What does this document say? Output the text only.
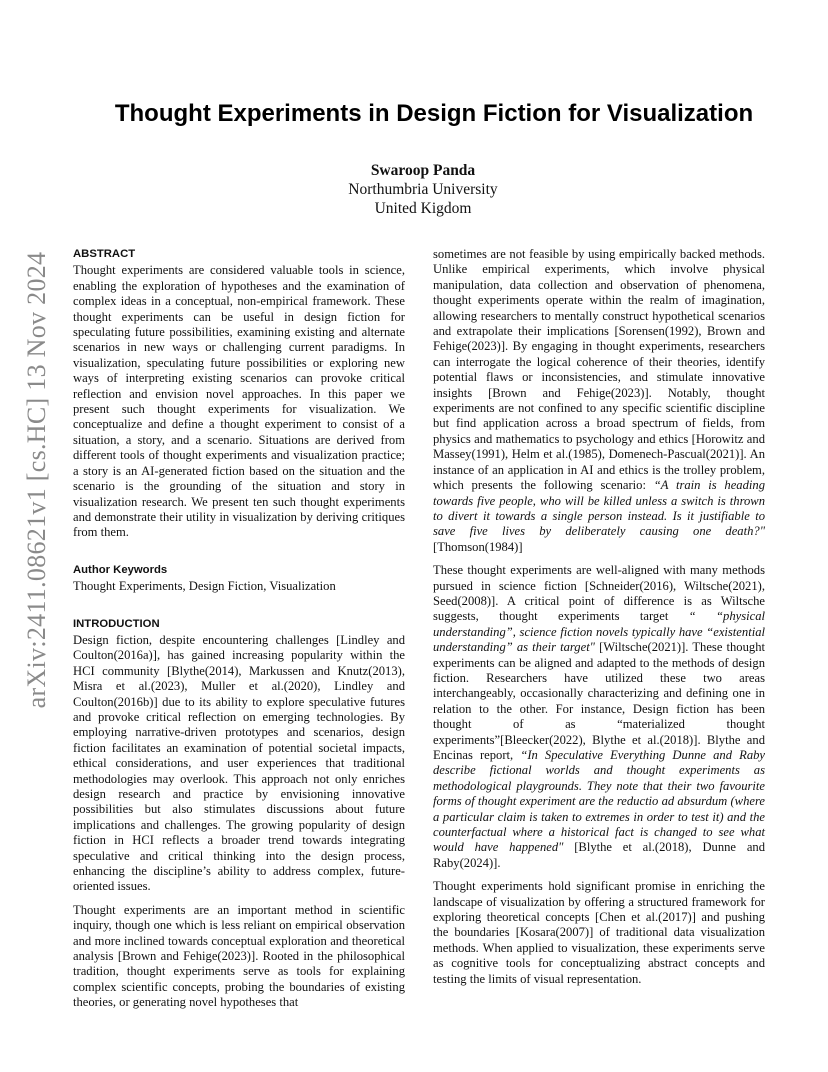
arXiv:2411.08621v1 [cs.HC] 13 Nov 2024
Thought Experiments in Design Fiction for Visualization
Swaroop Panda
Northumbria University
United Kigdom
ABSTRACT

Thought experiments are considered valuable tools in science, enabling the exploration of hypotheses and the examination of complex ideas in a conceptual, non-empirical framework. These thought experiments can be useful in design fiction for speculating future possibilities, examining existing and alternate scenarios in new ways or challenging current paradigms. In visualization, speculating future possibilities or exploring new ways of interpreting existing scenarios can provoke critical reflection and envision novel approaches. In this paper we present such thought experiments for visualization. We conceptualize and define a thought experiment to consist of a situation, a story, and a scenario. Situations are derived from different tools of thought experiments and visualization practice; a story is an AI-generated fiction based on the situation and the scenario is the grounding of the situation and story in visualization research. We present ten such thought experiments and demonstrate their utility in visualization by deriving critiques from them.

Author Keywords

Thought Experiments, Design Fiction, Visualization

INTRODUCTION

Design fiction, despite encountering challenges [Lindley and Coulton(2016a)], has gained increasing popularity within the HCI community [Blythe(2014), Markussen and Knutz(2013), Misra et al.(2023), Muller et al.(2020), Lindley and Coulton(2016b)] due to its ability to explore speculative futures and provoke critical reflection on emerging technologies. By employing narrative-driven prototypes and scenarios, design fiction facilitates an examination of potential societal impacts, ethical considerations, and user experiences that traditional methodologies may overlook. This approach not only enriches design research and practice by envisioning innovative possibilities but also stimulates discussions about future implications and challenges. The growing popularity of design fiction in HCI reflects a broader trend towards integrating speculative and critical thinking into the design process, enhancing the discipline’s ability to address complex, future-oriented issues.

Thought experiments are an important method in scientific inquiry, though one which is less reliant on empirical observation and more inclined towards conceptual exploration and theoretical analysis [Brown and Fehige(2023)]. Rooted in the philosophical tradition, thought experiments serve as tools for explaining complex scientific concepts, probing the boundaries of existing theories, or generating novel hypotheses that

sometimes are not feasible by using empirically backed methods. Unlike empirical experiments, which involve physical manipulation, data collection and observation of phenomena, thought experiments operate within the realm of imagination, allowing researchers to mentally construct hypothetical scenarios and extrapolate their implications [Sorensen(1992), Brown and Fehige(2023)]. By engaging in thought experiments, researchers can interrogate the logical coherence of their theories, identify potential flaws or inconsistencies, and stimulate innovative insights [Brown and Fehige(2023)]. Notably, thought experiments are not confined to any specific scientific discipline but find application across a broad spectrum of fields, from physics and mathematics to psychology and ethics [Horowitz and Massey(1991), Helm et al.(1985), Domenech-Pascual(2021)]. An instance of an application in AI and ethics is the trolley problem, which presents the following scenario: “A train is heading towards five people, who will be killed unless a switch is thrown to divert it towards a single person instead. Is it justifiable to save five lives by deliberately causing one death?" [Thomson(1984)]

These thought experiments are well-aligned with many methods pursued in science fiction [Schneider(2016), Wiltsche(2021), Seed(2008)]. A critical point of difference is as Wiltsche suggests, thought experiments target “ “physical understanding”, science fiction novels typically have “existential understanding” as their target" [Wiltsche(2021)]. These thought experiments can be aligned and adapted to the methods of design fiction. Researchers have utilized these two areas interchangeably, occasionally characterizing and defining one in relation to the other. For instance, Design fiction has been thought of as “materialized thought experiments”[Bleecker(2022), Blythe et al.(2018)]. Blythe and Encinas report, “In Speculative Everything Dunne and Raby describe fictional worlds and thought experiments as methodological playgrounds. They note that their two favourite forms of thought experiment are the reductio ad absurdum (where a particular claim is taken to extremes in order to test it) and the counterfactual where a historical fact is changed to see what would have happened" [Blythe et al.(2018), Dunne and Raby(2024)].

Thought experiments hold significant promise in enriching the landscape of visualization by offering a structured framework for exploring theoretical concepts [Chen et al.(2017)] and pushing the boundaries [Kosara(2007)] of traditional data visualization methods. When applied to visualization, these experiments serve as cognitive tools for conceptualizing abstract concepts and testing the limits of visual representation.
